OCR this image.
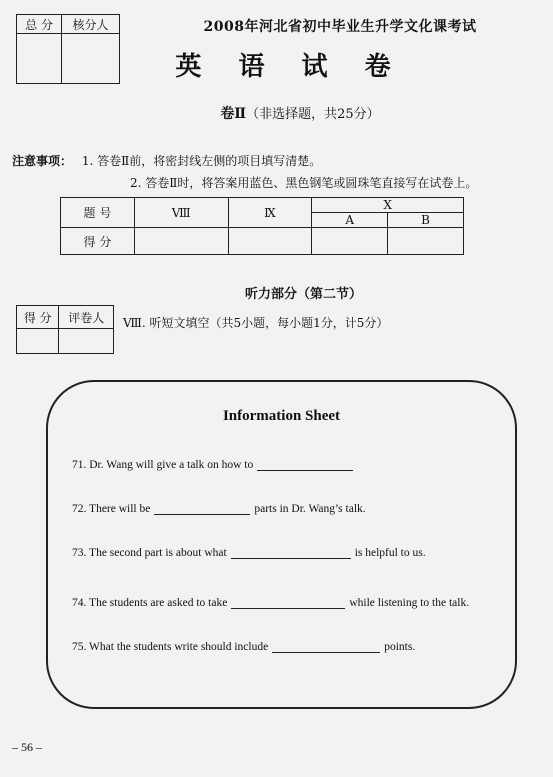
总 分	核分人
		2008年河北省初中毕业生升学文化课考试
英 语 试 卷
卷Ⅱ（非选择题，共25分）
注意事项： 1. 答卷Ⅱ前，将密封线左侧的项目填写清楚。
2. 答卷Ⅱ时，将答案用蓝色、黑色钢笔或圆珠笔直接写在试卷上。
题 号	Ⅷ	Ⅸ	Ⅹ	
			A	B
得 分				
听力部分（第二节）
得 分	评卷人
	Ⅷ. 听短文填空（共5小题，每小题1分，计5分）
Information Sheet
71. Dr. Wang will give a talk on how to
72. There will be	parts in Dr. Wang’s talk.
73. The second part is about what	is helpful to us.
74. The students are asked to take	while listening to the talk.
75. What the students write should include	points.
– 56 –
